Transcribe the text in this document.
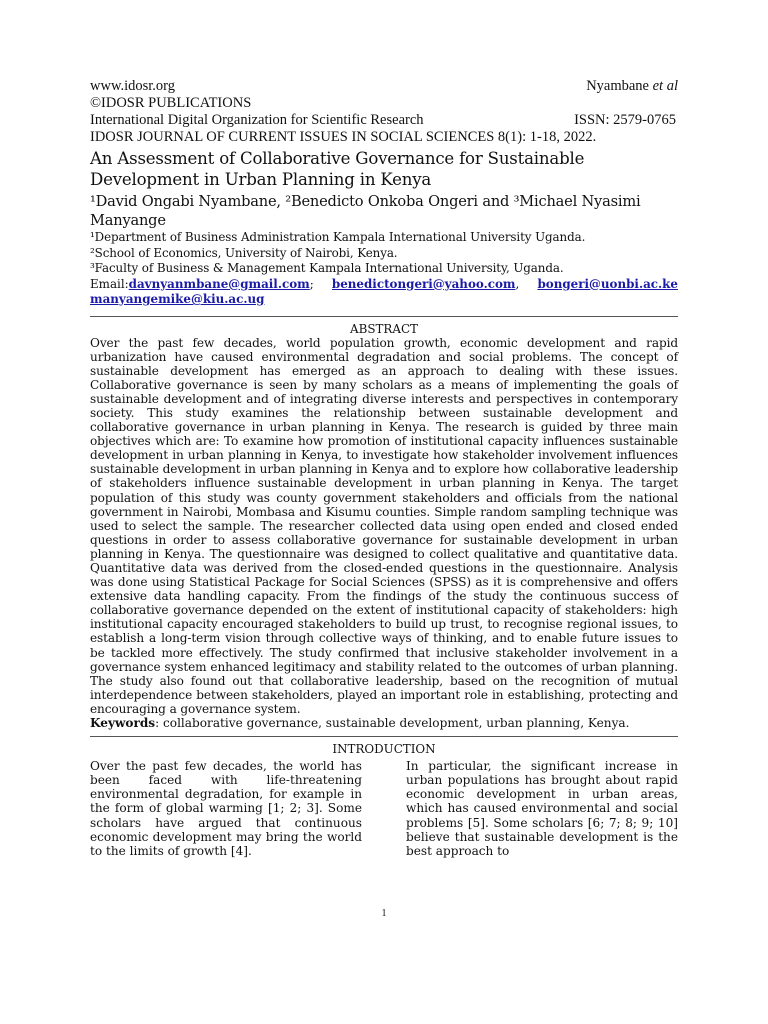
www.idosr.org	Nyambane et al
©IDOSR PUBLICATIONS
International Digital Organization for Scientific Research	ISSN: 2579-0765
IDOSR JOURNAL OF CURRENT ISSUES IN SOCIAL SCIENCES 8(1): 1-18, 2022.
An Assessment of Collaborative Governance for Sustainable Development in Urban Planning in Kenya
¹David Ongabi Nyambane, ²Benedicto Onkoba Ongeri and ³Michael Nyasimi Manyange
¹Department of Business Administration Kampala International University Uganda.
²School of Economics, University of Nairobi, Kenya.
³Faculty of Business & Management Kampala International University, Uganda.
Email:davnyanmbane@gmail.com; benedictongeri@yahoo.com, bongeri@uonbi.ac.ke
manyangemike@kiu.ac.ug
ABSTRACT
Over the past few decades, world population growth, economic development and rapid urbanization have caused environmental degradation and social problems. The concept of sustainable development has emerged as an approach to dealing with these issues. Collaborative governance is seen by many scholars as a means of implementing the goals of sustainable development and of integrating diverse interests and perspectives in contemporary society. This study examines the relationship between sustainable development and collaborative governance in urban planning in Kenya. The research is guided by three main objectives which are: To examine how promotion of institutional capacity influences sustainable development in urban planning in Kenya, to investigate how stakeholder involvement influences sustainable development in urban planning in Kenya and to explore how collaborative leadership of stakeholders influence sustainable development in urban planning in Kenya. The target population of this study was county government stakeholders and officials from the national government in Nairobi, Mombasa and Kisumu counties. Simple random sampling technique was used to select the sample. The researcher collected data using open ended and closed ended questions in order to assess collaborative governance for sustainable development in urban planning in Kenya. The questionnaire was designed to collect qualitative and quantitative data. Quantitative data was derived from the closed-ended questions in the questionnaire. Analysis was done using Statistical Package for Social Sciences (SPSS) as it is comprehensive and offers extensive data handling capacity. From the findings of the study the continuous success of collaborative governance depended on the extent of institutional capacity of stakeholders: high institutional capacity encouraged stakeholders to build up trust, to recognise regional issues, to establish a long-term vision through collective ways of thinking, and to enable future issues to be tackled more effectively. The study confirmed that inclusive stakeholder involvement in a governance system enhanced legitimacy and stability related to the outcomes of urban planning. The study also found out that collaborative leadership, based on the recognition of mutual interdependence between stakeholders, played an important role in establishing, protecting and encouraging a governance system.
Keywords: collaborative governance, sustainable development, urban planning, Kenya.
INTRODUCTION
Over the past few decades, the world has been faced with life-threatening environmental degradation, for example in the form of global warming [1; 2; 3]. Some scholars have argued that continuous economic development may bring the world to the limits of growth [4].
In particular, the significant increase in urban populations has brought about rapid economic development in urban areas, which has caused environmental and social problems [5]. Some scholars [6; 7; 8; 9; 10] believe that sustainable development is the best approach to
1
